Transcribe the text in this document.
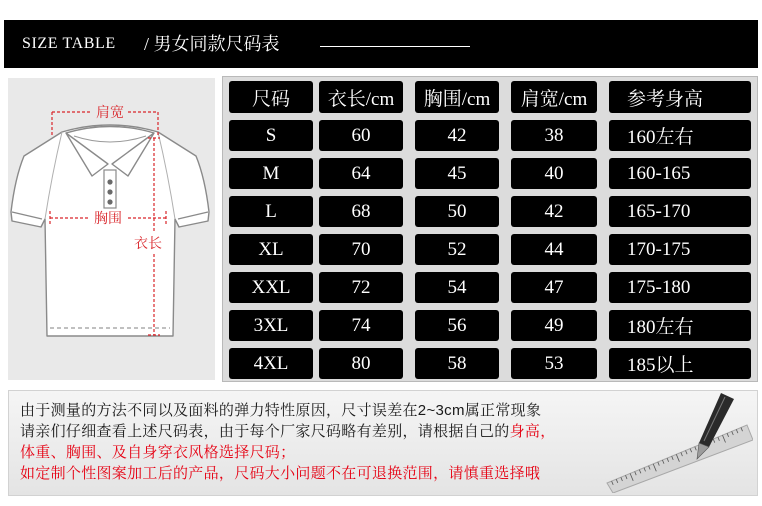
SIZE TABLE / 男女同款尺码表
肩宽
胸围
衣长
尺码	衣长/cm	胸围/cm	肩宽/cm	参考身高
S	60	42	38	160左右
M	64	45	40	160-165
L	68	50	42	165-170
XL	70	52	44	170-175
XXL	72	54	47	175-180
3XL	74	56	49	180左右
4XL	80	58	53	185以上
由于测量的方法不同以及面料的弹力特性原因，尺寸误差在2~3cm属正常现象
请亲们仔细查看上述尺码表，由于每个厂家尺码略有差别，请根据自己的身高，
体重、胸围、及自身穿衣风格选择尺码；
如定制个性图案加工后的产品，尺码大小问题不在可退换范围，请慎重选择哦
